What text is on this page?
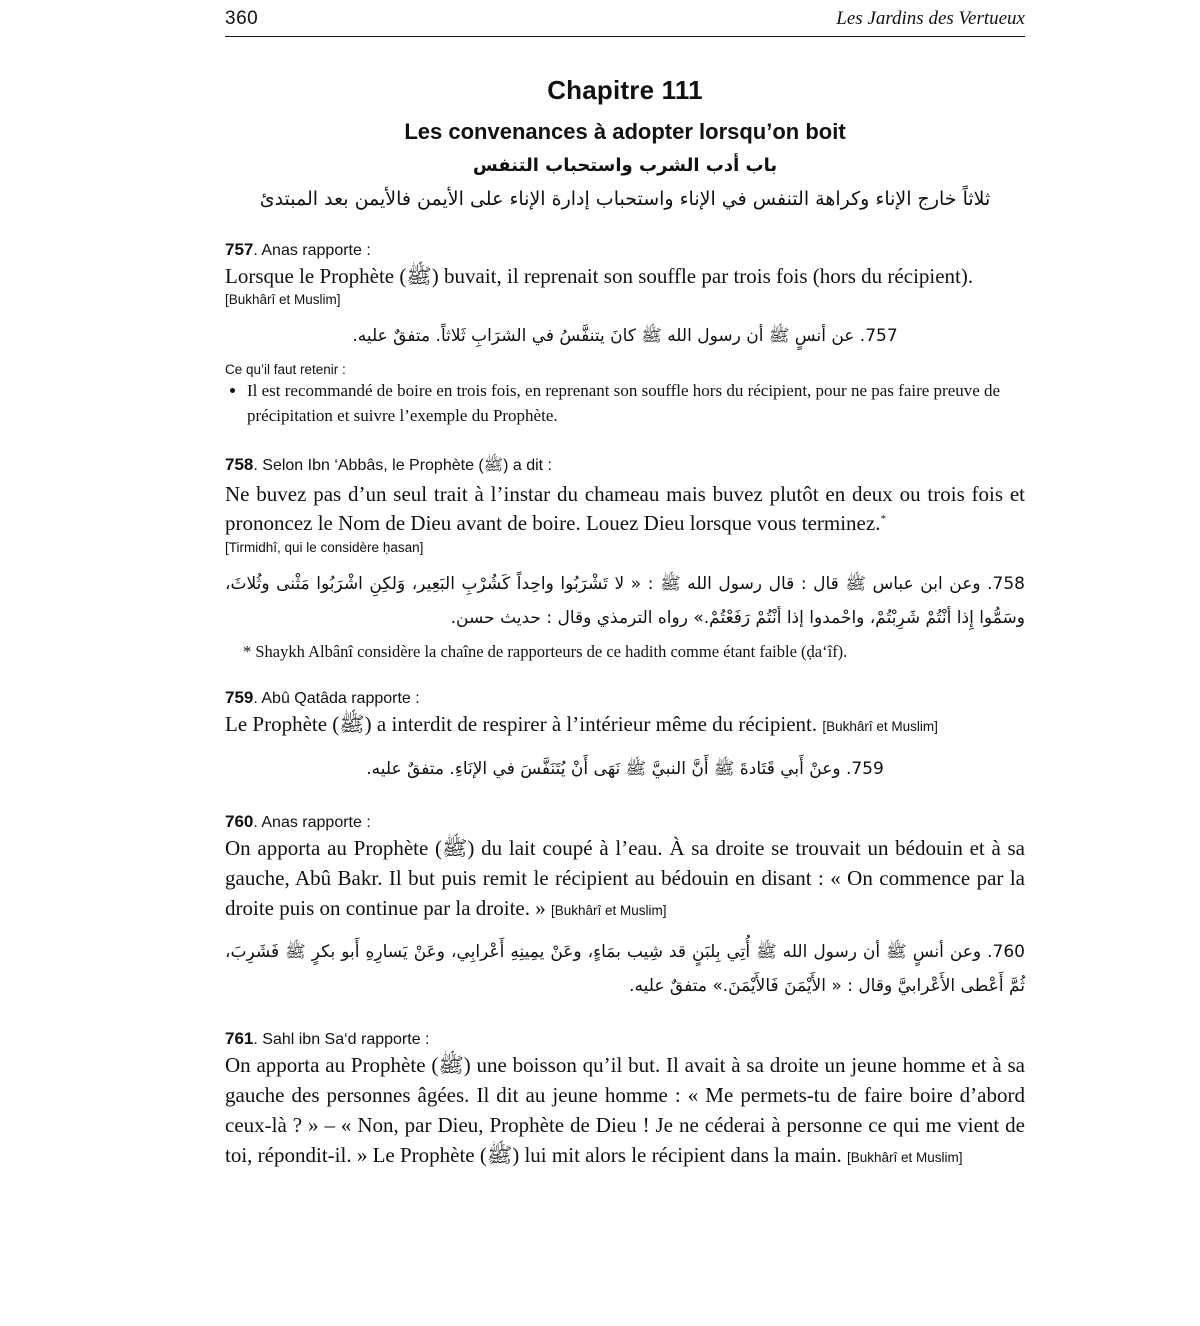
360	Les Jardins des Vertueux
Chapitre 111
Les convenances à adopter lorsqu’on boit
باب أدب الشرب واستحباب التنفس
ثلاثاً خارج الإناء وكراهة التنفس في الإناء واستحباب إدارة الإناء على الأيمن فالأيمن بعد المبتدئ
757. Anas rapporte :
Lorsque le Prophète (ﷺ) buvait, il reprenait son souffle par trois fois (hors du récipient).
[Bukhârî et Muslim]
757. عن أنسٍ ﷺ أن رسول الله ﷺ كانَ يتنفَّسُ في الشرَابِ ثَلاثاً. متفقٌ عليه.
Ce qu’il faut retenir :
• Il est recommandé de boire en trois fois, en reprenant son souffle hors du récipient, pour ne pas faire preuve de précipitation et suivre l’exemple du Prophète.
758. Selon Ibn ‘Abbâs, le Prophète (ﷺ) a dit :
Ne buvez pas d’un seul trait à l’instar du chameau mais buvez plutôt en deux ou trois fois et prononcez le Nom de Dieu avant de boire. Louez Dieu lorsque vous terminez.*
[Tirmidhî, qui le considère ḥasan]
758. وعن ابن عباس ﷺ قال : قال رسول الله ﷺ : « لا تَشْرَبُوا واحِداً كَشُرْبِ البَعِير، وَلكِنِ اشْرَبُوا مَثْنى وثُلاثَ، وسَمُّوا إِذا أنْتُمْ شَرِبْتُمْ، واحْمدوا إذا أنْتُمْ رَفَعْتُمْ.» رواه الترمذي وقال : حديث حسن.
* Shaykh Albânî considère la chaîne de rapporteurs de ce hadith comme étant faible (ḍa‘îf).
759. Abû Qatâda rapporte :
Le Prophète (ﷺ) a interdit de respirer à l’intérieur même du récipient. [Bukhârî et Muslim]
759. وعنْ أَبي قَتَادةَ ﷺ أَنَّ النبيَّ ﷺ نَهَى أَنْ يُتَنَفَّسَ في الإنَاءِ. متفقٌ عليه.
760. Anas rapporte :
On apporta au Prophète (ﷺ) du lait coupé à l’eau. À sa droite se trouvait un bédouin et à sa gauche, Abû Bakr. Il but puis remit le récipient au bédouin en disant : « On commence par la droite puis on continue par la droite. » [Bukhârî et Muslim]
760. وعن أنسٍ ﷺ أن رسول الله ﷺ أُتِي بِلبَنٍ قد شِيب بمَاءٍ، وعَنْ يمِينِهِ أَعْرابِي، وعَنْ يَسارِهِ أَبو بكرٍ ﷺ فَشَرِبَ، ثُمَّ أَعْطى الأَعْرابيَّ وقال : « الأَيْمَنَ فَالأَيْمَنَ.» متفقٌ عليه.
761. Sahl ibn Sa‘d rapporte :
On apporta au Prophète (ﷺ) une boisson qu’il but. Il avait à sa droite un jeune homme et à sa gauche des personnes âgées. Il dit au jeune homme : « Me permets-tu de faire boire d’abord ceux-là ? » – « Non, par Dieu, Prophète de Dieu ! Je ne céderai à personne ce qui me vient de toi, répondit-il. » Le Prophète (ﷺ) lui mit alors le récipient dans la main. [Bukhârî et Muslim]
